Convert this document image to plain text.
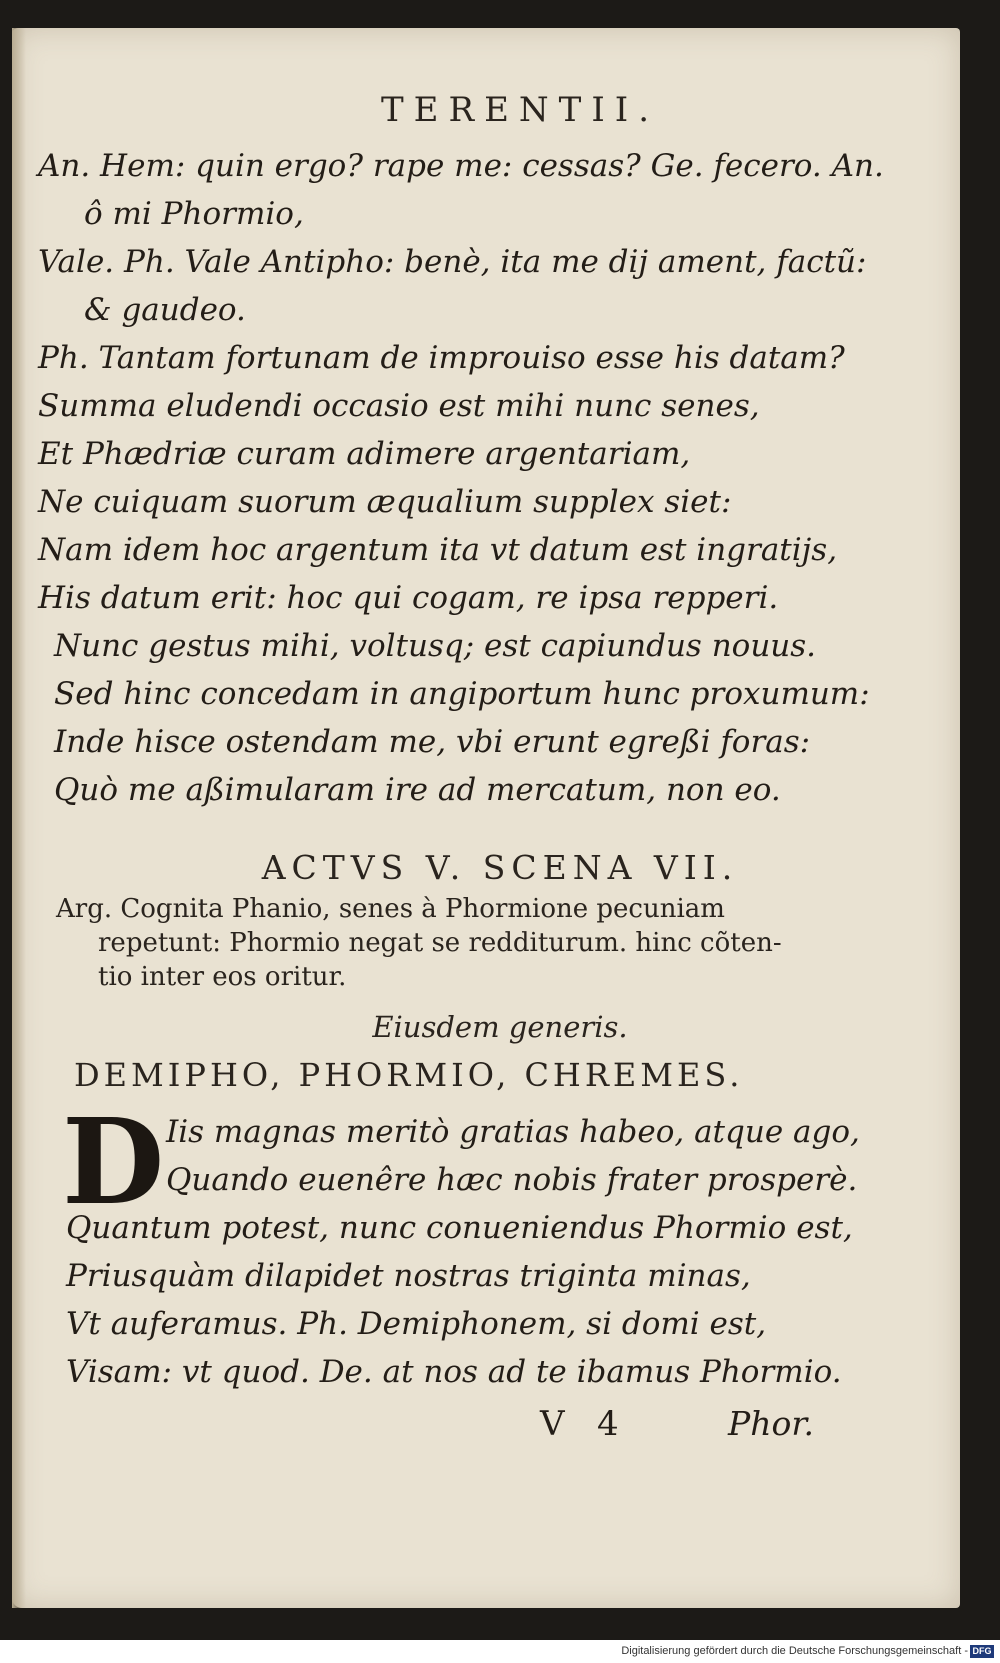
TERENTII.
An. Hem: quin ergo? rape me: cessas? Ge. fecero. An.
ô mi Phormio,
Vale. Ph. Vale Antipho: benè, ita me dij ament, factũ:
& gaudeo.
Ph. Tantam fortunam de improuiso esse his datam?
Summa eludendi occasio est mihi nunc senes,
Et Phædriæ curam adimere argentariam,
Ne cuiquam suorum æqualium supplex siet:
Nam idem hoc argentum ita vt datum est ingratijs,
His datum erit: hoc qui cogam, re ipsa repperi.
Nunc gestus mihi, voltusq; est capiundus nouus.
Sed hinc concedam in angiportum hunc proxumum:
Inde hisce ostendam me, vbi erunt egreßi foras:
Quò me aßimularam ire ad mercatum, non eo.
ACTVS V. SCENA VII.
Arg. Cognita Phanio, senes à Phormione pecuniam
repetunt: Phormio negat se redditurum. hinc cõten-
tio inter eos oritur.
Eiusdem generis.
DEMIPHO, PHORMIO, CHREMES.
D Iis magnas meritò gratias habeo, atque ago,
Quando euenêre hæc nobis frater prosperè.
Quantum potest, nunc conueniendus Phormio est,
Priusquàm dilapidet nostras triginta minas,
Vt auferamus. Ph. Demiphonem, si domi est,
Visam: vt quod. De. at nos ad te ibamus Phormio.
V   4	Phor.
Digitalisierung gefördert durch die Deutsche Forschungsgemeinschaft - DFG
